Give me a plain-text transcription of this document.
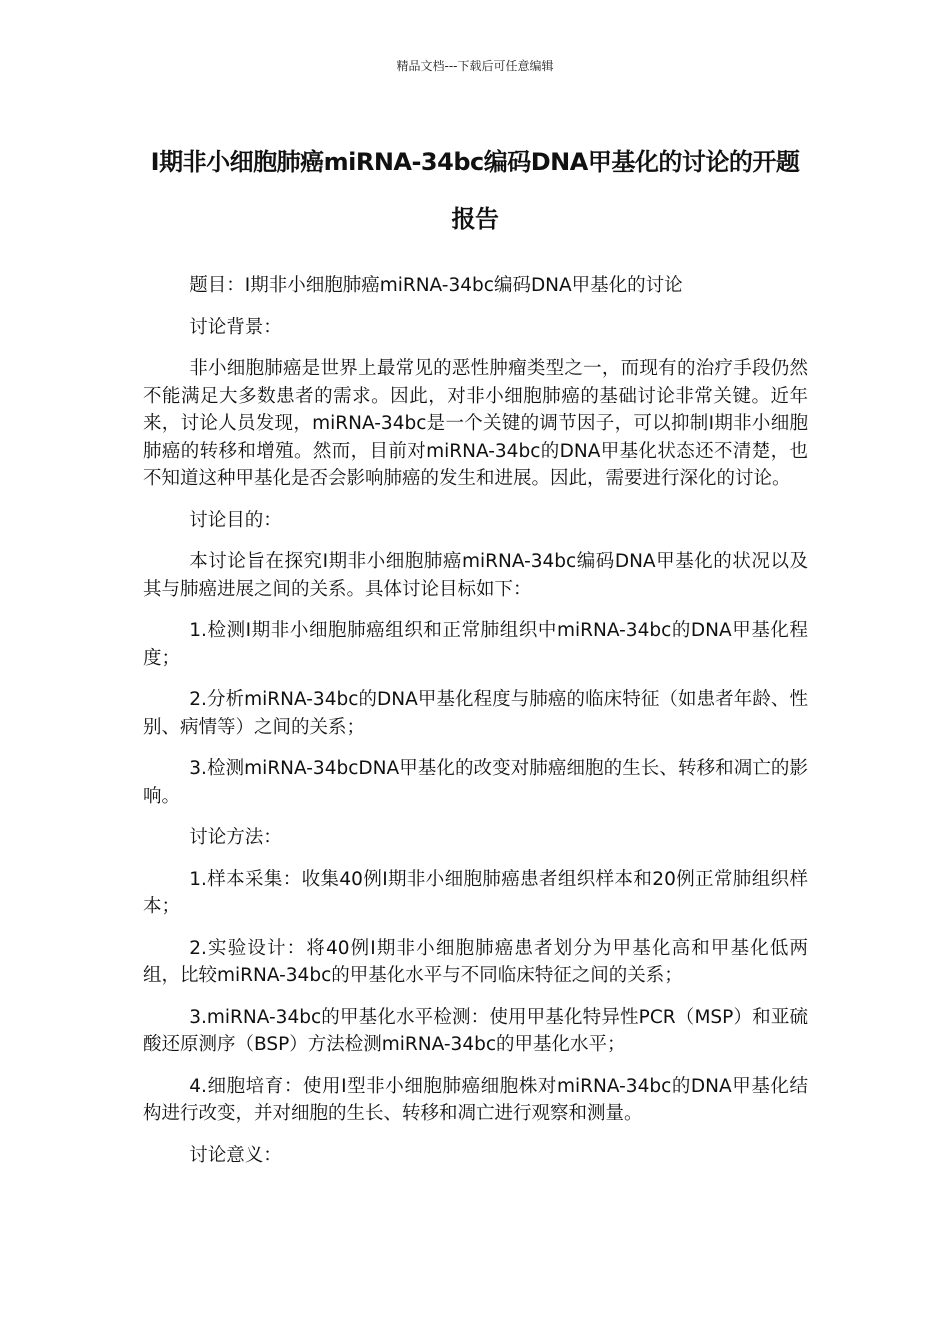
精品文档---下载后可任意编辑
I期非小细胞肺癌miRNA-34bc编码DNA甲基化的讨论的开题报告

题目：I期非小细胞肺癌miRNA-34bc编码DNA甲基化的讨论

讨论背景：

非小细胞肺癌是世界上最常见的恶性肿瘤类型之一，而现有的治疗手段仍然不能满足大多数患者的需求。因此，对非小细胞肺癌的基础讨论非常关键。近年来，讨论人员发现，miRNA-34bc是一个关键的调节因子，可以抑制I期非小细胞肺癌的转移和增殖。然而，目前对miRNA-34bc的DNA甲基化状态还不清楚，也不知道这种甲基化是否会影响肺癌的发生和进展。因此，需要进行深化的讨论。

讨论目的：

本讨论旨在探究I期非小细胞肺癌miRNA-34bc编码DNA甲基化的状况以及其与肺癌进展之间的关系。具体讨论目标如下：

1.检测I期非小细胞肺癌组织和正常肺组织中miRNA-34bc的DNA甲基化程度；

2.分析miRNA-34bc的DNA甲基化程度与肺癌的临床特征（如患者年龄、性别、病情等）之间的关系；

3.检测miRNA-34bcDNA甲基化的改变对肺癌细胞的生长、转移和凋亡的影响。

讨论方法：

1.样本采集：收集40例I期非小细胞肺癌患者组织样本和20例正常肺组织样本；

2.实验设计：将40例I期非小细胞肺癌患者划分为甲基化高和甲基化低两组，比较miRNA-34bc的甲基化水平与不同临床特征之间的关系；

3.miRNA-34bc的甲基化水平检测：使用甲基化特异性PCR（MSP）和亚硫酸还原测序（BSP）方法检测miRNA-34bc的甲基化水平；

4.细胞培育：使用I型非小细胞肺癌细胞株对miRNA-34bc的DNA甲基化结构进行改变，并对细胞的生长、转移和凋亡进行观察和测量。

讨论意义：
